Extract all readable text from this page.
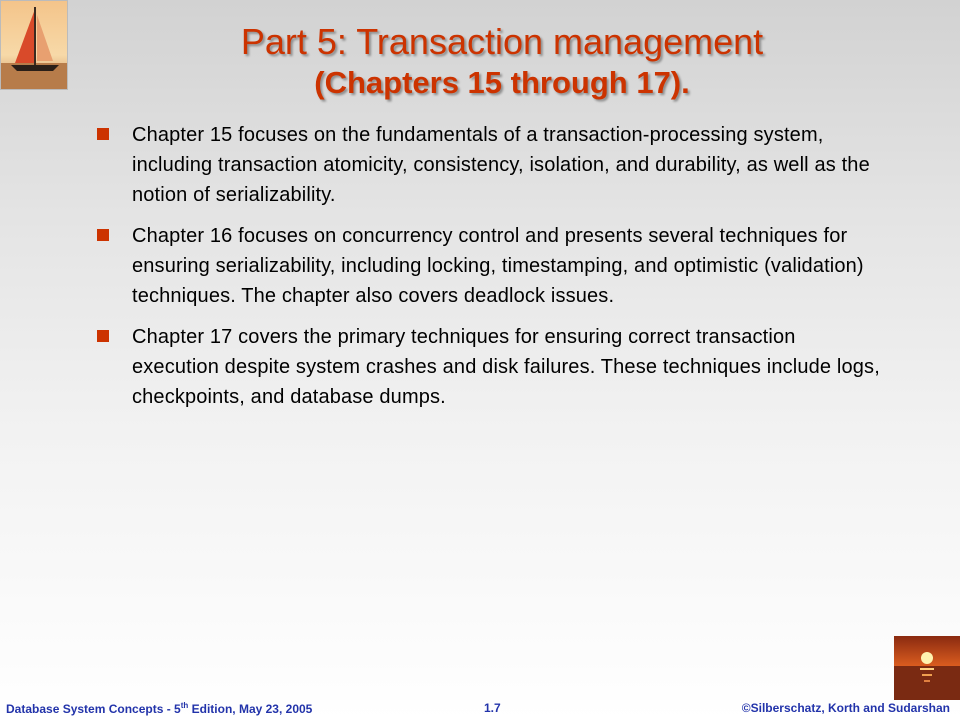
Part 5: Transaction management
(Chapters 15 through 17).
Chapter 15 focuses on the fundamentals of a transaction-processing system, including transaction atomicity, consistency, isolation, and durability, as well as the notion of serializability.
Chapter 16 focuses on concurrency control and presents several techniques for ensuring serializability, including locking, timestamping, and optimistic (validation) techniques. The chapter also covers deadlock issues.
Chapter 17 covers the primary techniques for ensuring correct transaction execution despite system crashes and disk failures. These techniques include logs, checkpoints, and database dumps.
Database System Concepts - 5th Edition, May 23, 2005	1.7	©Silberschatz, Korth and Sudarshan
